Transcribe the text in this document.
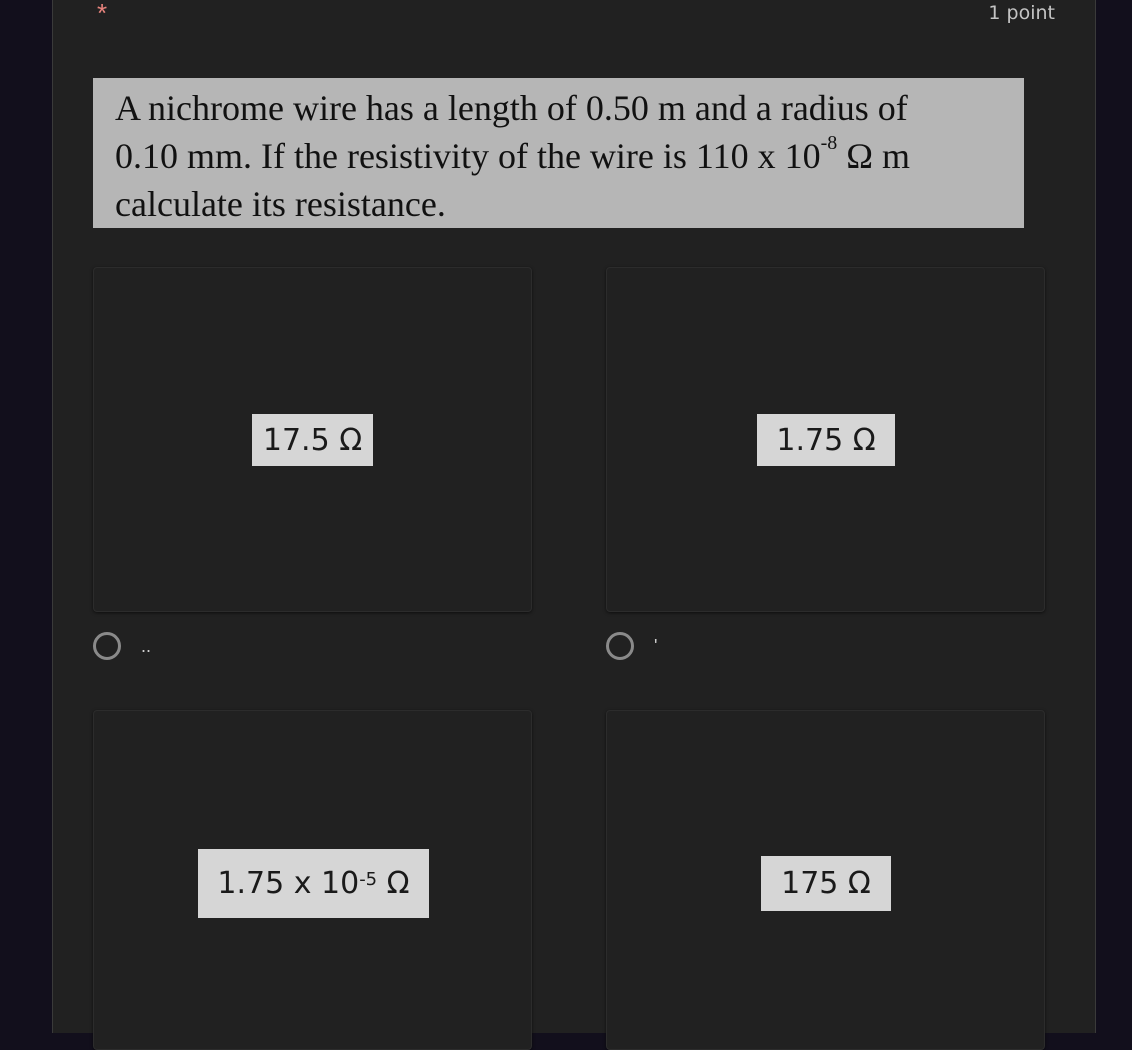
*	1 point
A nichrome wire has a length of 0.50 m and a radius of
0.10 mm. If the resistivity of the wire is 110 x $10^{-8}$ Ω m
calculate its resistance.
17.5 Ω
..
1.75 Ω
'
1.75 x $10^{-5}$ Ω	175 Ω
